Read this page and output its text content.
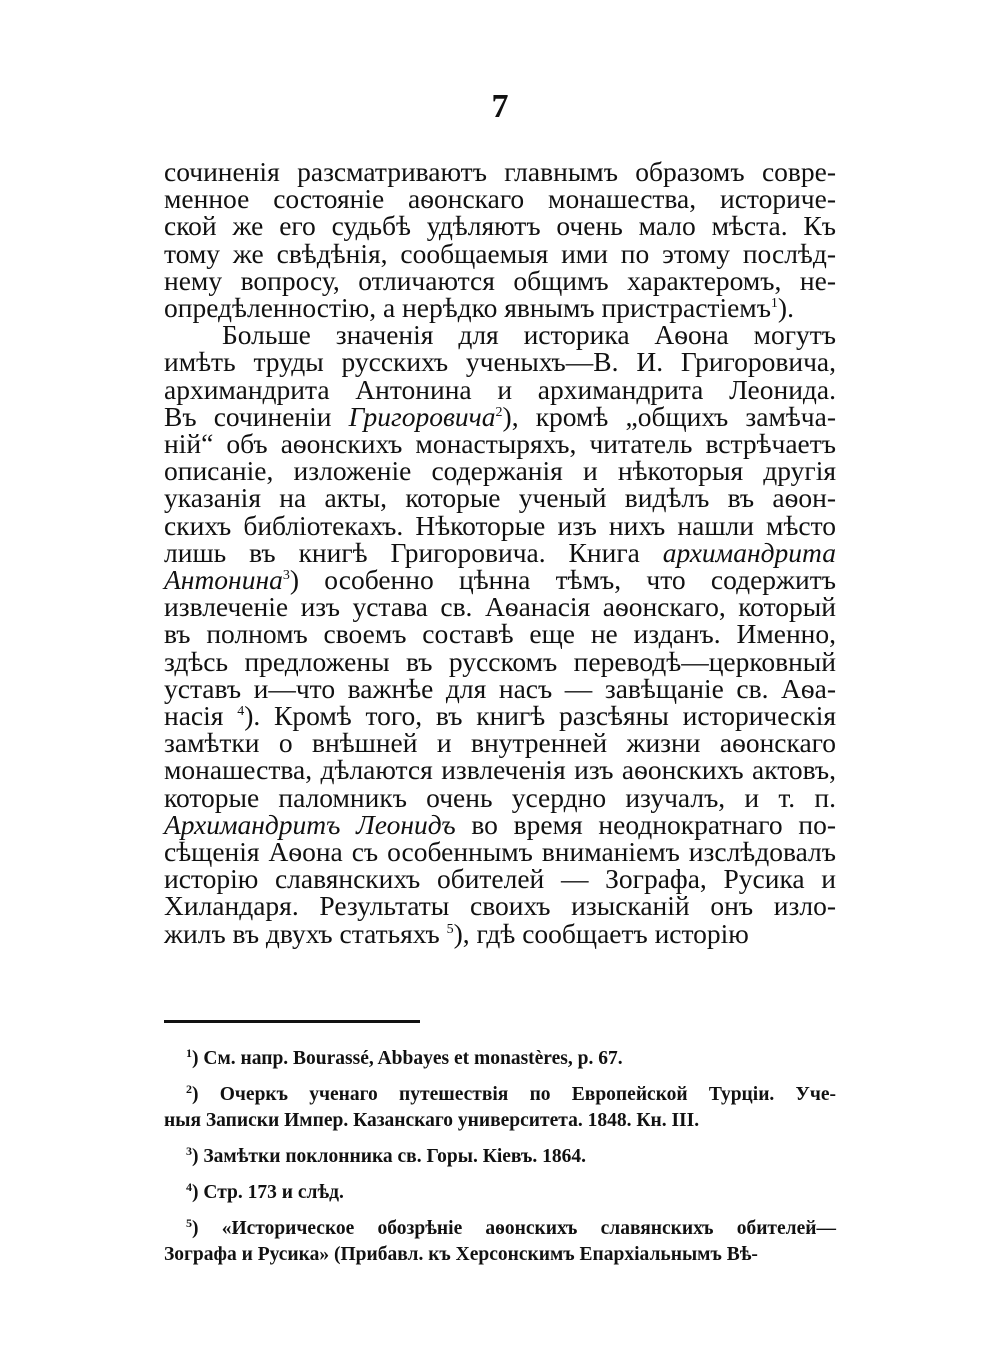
7
сочиненія разсматриваютъ главнымъ образомъ совре-
менное состояніе аѳонскаго монашества, историче-
ской же его судьбѣ удѣляютъ очень мало мѣста. Къ
тому же свѣдѣнія, сообщаемыя ими по этому послѣд-
нему вопросу, отличаются общимъ характеромъ, не-
опредѣленностію, а нерѣдко явнымъ пристрастіемъ$^1$).
Больше значенія для историка Аѳона могутъ
имѣть труды русскихъ ученыхъ—В. И. Григоровича,
архимандрита Антонина и архимандрита Леонида.
Въ сочиненіи Григоровича$^2$), кромѣ „общихъ замѣча-
ній“ объ аѳонскихъ монастыряхъ, читатель встрѣчаетъ
описаніе, изложеніе содержанія и нѣкоторыя другія
указанія на акты, которые ученый видѣлъ въ аѳон-
скихъ библіотекахъ. Нѣкоторые изъ нихъ нашли мѣсто
лишь въ книгѣ Григоровича. Книга архимандрита
Антонина$^3$) особенно цѣнна тѣмъ, что содержитъ
извлеченіе изъ устава св. Аѳанасія аѳонскаго, который
въ полномъ своемъ составѣ еще не изданъ. Именно,
здѣсь предложены въ русскомъ переводѣ—церковный
уставъ и—что важнѣе для насъ — завѣщаніе св. Аѳа-
насія $^4$). Кромѣ того, въ книгѣ разсѣяны историческія
замѣтки о внѣшней и внутренней жизни аѳонскаго
монашества, дѣлаются извлеченія изъ аѳонскихъ актовъ,
которые паломникъ очень усердно изучалъ, и т. п.
Архимандритъ Леонидъ во время неоднократнаго по-
сѣщенія Аѳона съ особеннымъ вниманіемъ изслѣдовалъ
исторію славянскихъ обителей — Зографа, Русика и
Хиландаря. Результаты своихъ изысканій онъ изло-
жилъ въ двухъ статьяхъ $^5$), гдѣ сообщаетъ исторію
$^1$) См. напр. Bourassé, Abbayes et monastères, p. 67.
$^2$) Очеркъ ученаго путешествія по Европейской Турціи. Уче-
ныя Записки Импер. Казанскаго университета. 1848. Кн. III.
$^3$) Замѣтки поклонника св. Горы. Кіевъ. 1864.
$^4$) Стр. 173 и слѣд.
$^5$) «Историческое обозрѣніе аѳонскихъ славянскихъ обителей—
Зографа и Русика» (Прибавл. къ Херсонскимъ Епархіальнымъ Вѣ-
